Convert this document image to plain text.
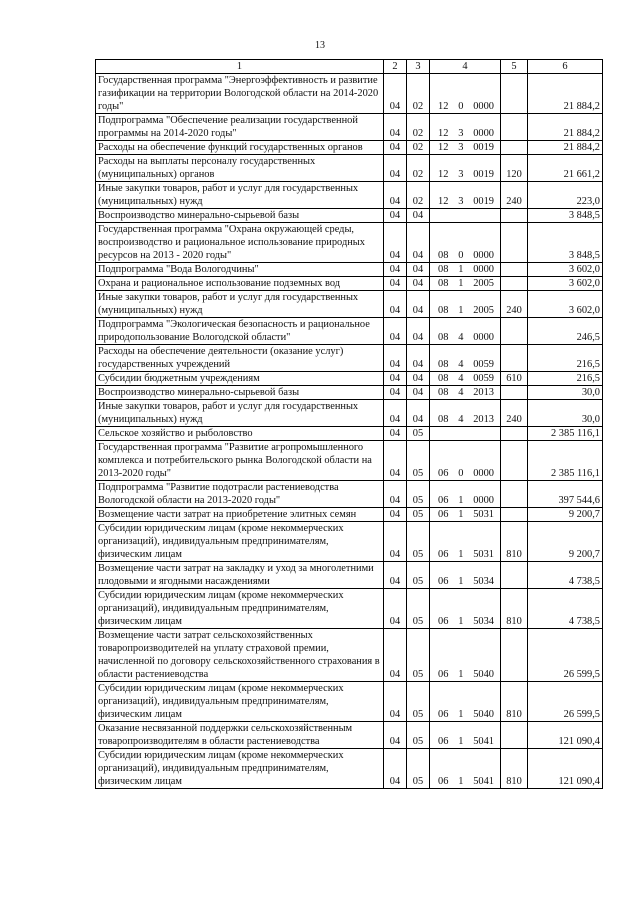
13
1	2	3	4	5	6
Государственная программа "Энергоэффективность и развитие газификации на территории Вологодской области на 2014-2020 годы"	04	02	12 0 0000		21 884,2
Подпрограмма "Обеспечение реализации государственной программы на 2014-2020 годы"	04	02	12 3 0000		21 884,2
Расходы на обеспечение функций государственных органов	04	02	12 3 0019		21 884,2
Расходы на выплаты персоналу государственных (муниципальных) органов	04	02	12 3 0019	120	21 661,2
Иные закупки товаров, работ и услуг для государственных (муниципальных) нужд	04	02	12 3 0019	240	223,0
Воспроизводство минерально-сырьевой базы	04	04			3 848,5
Государственная программа "Охрана окружающей среды, воспроизводство и рациональное использование природных ресурсов на 2013 - 2020 годы"	04	04	08 0 0000		3 848,5
Подпрограмма "Вода Вологодчины"	04	04	08 1 0000		3 602,0
Охрана и рациональное использование подземных вод	04	04	08 1 2005		3 602,0
Иные закупки товаров, работ и услуг для государственных (муниципальных) нужд	04	04	08 1 2005	240	3 602,0
Подпрограмма "Экологическая безопасность и рациональное природопользование Вологодской области"	04	04	08 4 0000		246,5
Расходы на обеспечение деятельности (оказание услуг) государственных учреждений	04	04	08 4 0059		216,5
Субсидии бюджетным учреждениям	04	04	08 4 0059	610	216,5
Воспроизводство минерально-сырьевой базы	04	04	08 4 2013		30,0
Иные закупки товаров, работ и услуг для государственных (муниципальных) нужд	04	04	08 4 2013	240	30,0
Сельское хозяйство и рыболовство	04	05			2 385 116,1
Государственная программа "Развитие агропромышленного комплекса и потребительского рынка Вологодской области на 2013-2020 годы"	04	05	06 0 0000		2 385 116,1
Подпрограмма "Развитие подотрасли растениеводства Вологодской области на 2013-2020 годы"	04	05	06 1 0000		397 544,6
Возмещение части затрат на приобретение элитных семян	04	05	06 1 5031		9 200,7
Субсидии юридическим лицам (кроме некоммерческих организаций), индивидуальным предпринимателям, физическим лицам	04	05	06 1 5031	810	9 200,7
Возмещение части затрат на закладку и уход за многолетними плодовыми и ягодными насаждениями	04	05	06 1 5034		4 738,5
Субсидии юридическим лицам (кроме некоммерческих организаций), индивидуальным предпринимателям, физическим лицам	04	05	06 1 5034	810	4 738,5
Возмещение части затрат сельскохозяйственных товаропроизводителей на уплату страховой премии, начисленной по договору сельскохозяйственного страхования в области растениеводства	04	05	06 1 5040		26 599,5
Субсидии юридическим лицам (кроме некоммерческих организаций), индивидуальным предпринимателям, физическим лицам	04	05	06 1 5040	810	26 599,5
Оказание несвязанной поддержки сельскохозяйственным товаропроизводителям в области растениеводства	04	05	06 1 5041		121 090,4
Субсидии юридическим лицам (кроме некоммерческих организаций), индивидуальным предпринимателям, физическим лицам	04	05	06 1 5041	810	121 090,4
